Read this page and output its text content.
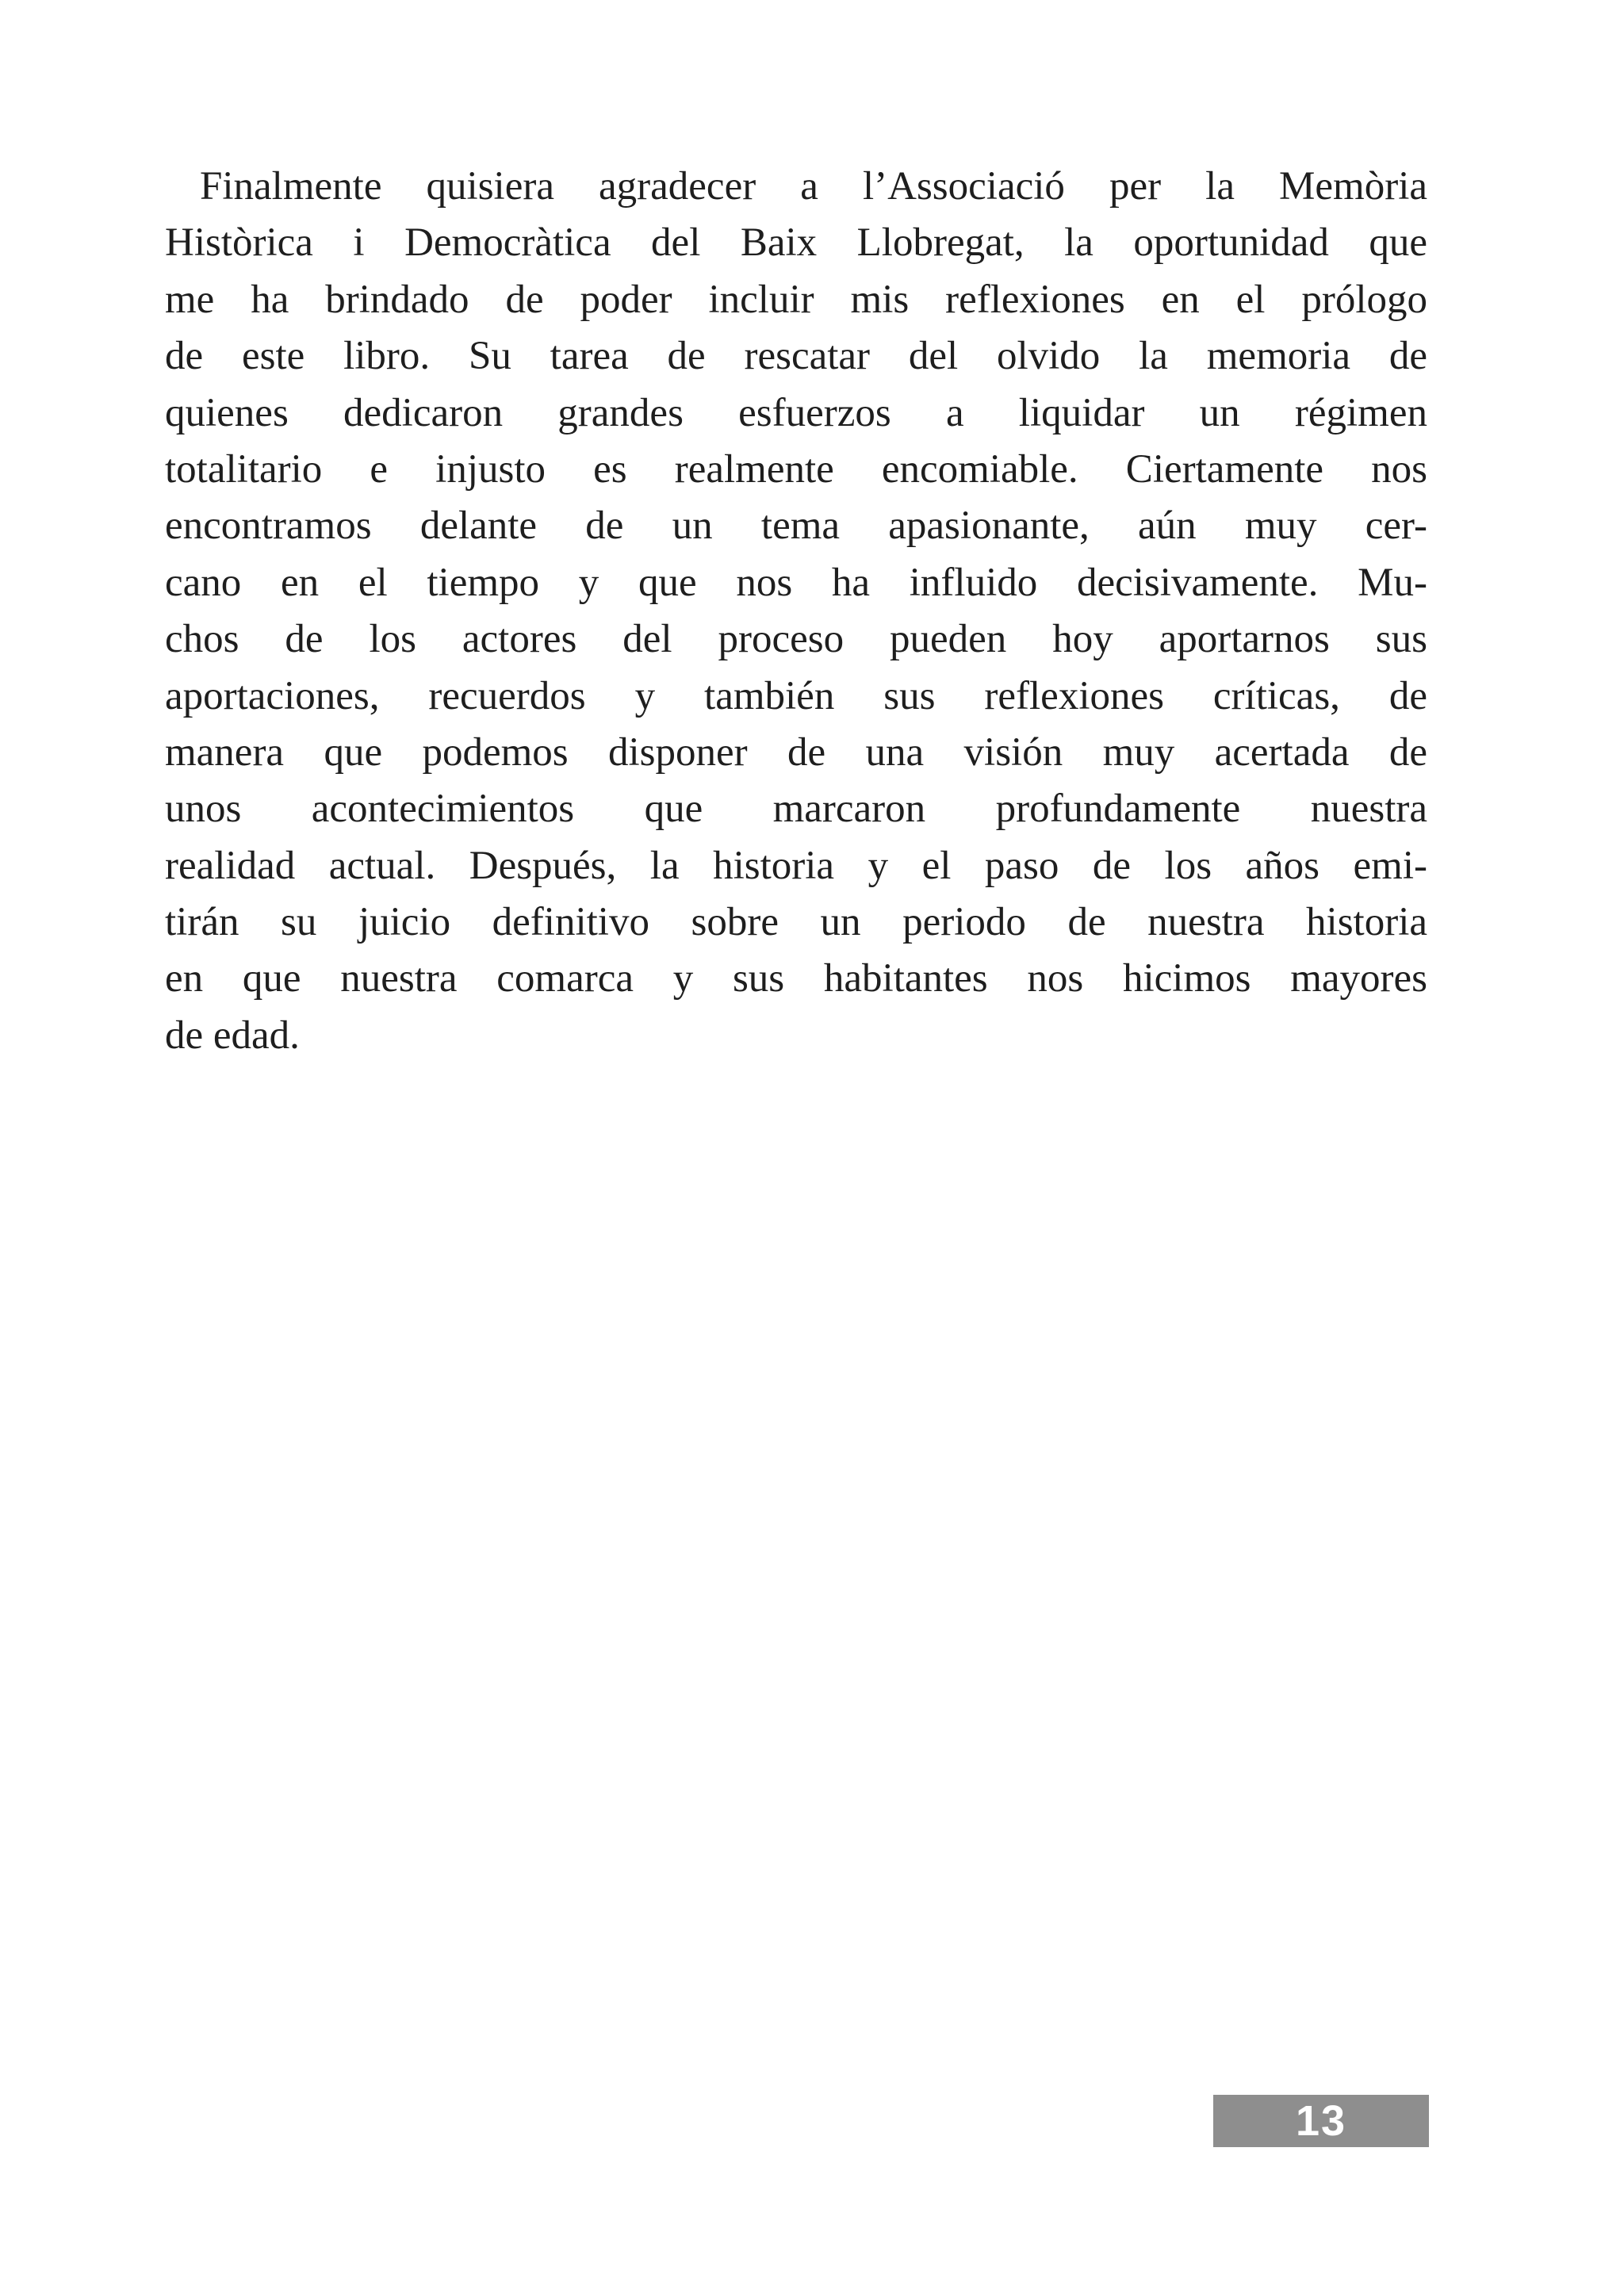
Finalmente quisiera agradecer a l’Associació per la Memòria
Històrica i Democràtica del Baix Llobregat, la oportunidad que
me ha brindado de poder incluir mis reflexiones en el prólogo
de este libro. Su tarea de rescatar del olvido la memoria de
quienes dedicaron grandes esfuerzos a liquidar un régimen
totalitario e injusto es realmente encomiable. Ciertamente nos
encontramos delante de un tema apasionante, aún muy cer-
cano en el tiempo y que nos ha influido decisivamente. Mu-
chos de los actores del proceso pueden hoy aportarnos sus
aportaciones, recuerdos y también sus reflexiones críticas, de
manera que podemos disponer de una visión muy acertada de
unos acontecimientos que marcaron profundamente nuestra
realidad actual. Después, la historia y el paso de los años emi-
tirán su juicio definitivo sobre un periodo de nuestra historia
en que nuestra comarca y sus habitantes nos hicimos mayores
de edad.
13
